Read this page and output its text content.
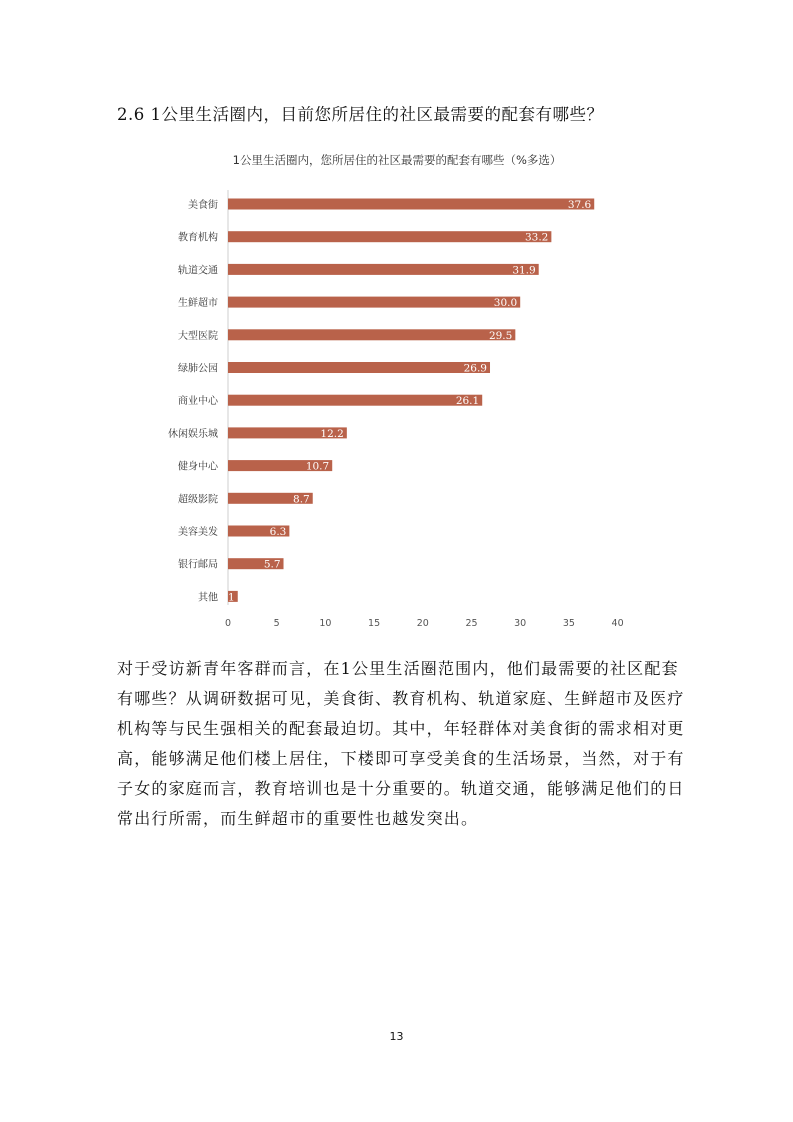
2.6 1公里生活圈内，目前您所居住的社区最需要的配套有哪些？
1公里生活圈内，您所居住的社区最需要的配套有哪些（%多选）
美食街	37.6
教育机构	33.2
轨道交通	31.9
生鲜超市	30.0
大型医院	29.5
绿肺公园	26.9
商业中心	26.1
休闲娱乐城	12.2
健身中心	10.7
超级影院	8.7
美容美发	6.3
银行邮局	5.7
其他 1
0	5	10	15	20	25	30	35	40

对于受访新青年客群而言，在1公里生活圈范围内，他们最需要的社区配套有哪些？从调研数据可见，美食街、教育机构、轨道家庭、生鲜超市及医疗机构等与民生强相关的配套最迫切。其中，年轻群体对美食街的需求相对更高，能够满足他们楼上居住，下楼即可享受美食的生活场景，当然，对于有子女的家庭而言，教育培训也是十分重要的。轨道交通，能够满足他们的日常出行所需，而生鲜超市的重要性也越发突出。

13
